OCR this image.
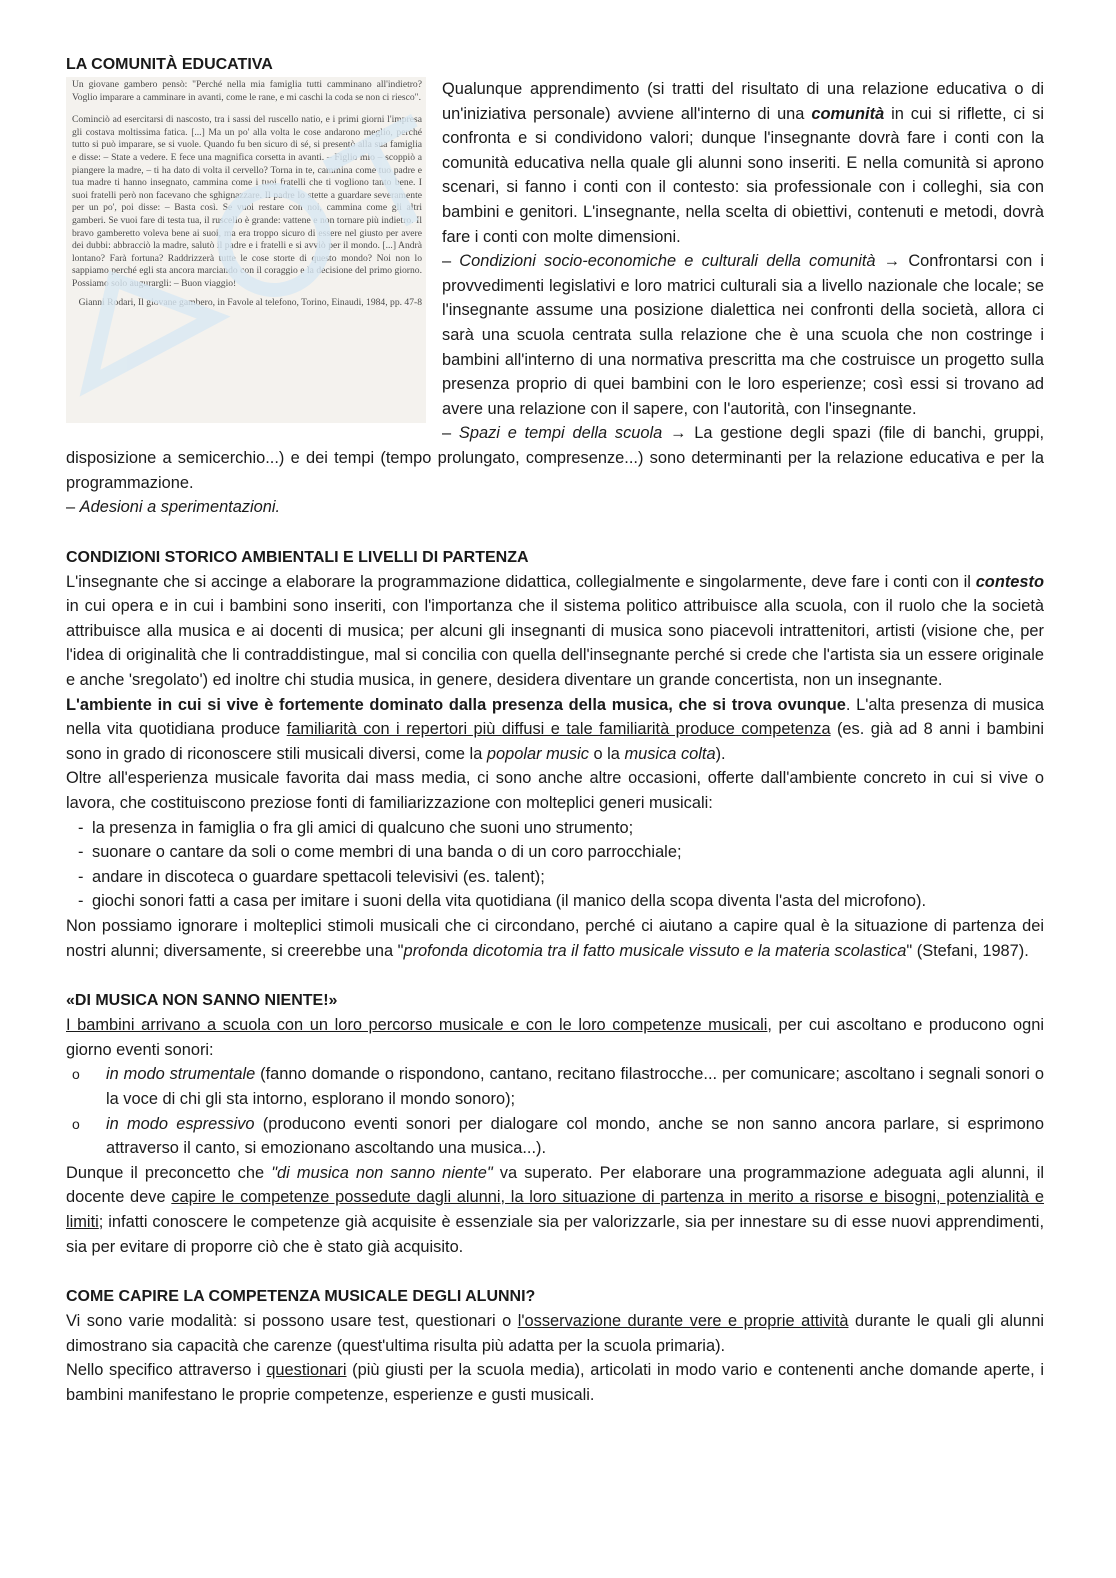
LA COMUNITÀ EDUCATIVA

Un giovane gambero pensò: "Perché nella mia famiglia tutti camminano all'indietro? Voglio imparare a camminare in avanti, come le rane, e mi caschi la coda se non ci riesco".

Cominciò ad esercitarsi di nascosto, tra i sassi del ruscello natio, e i primi giorni l'impresa gli costava moltissima fatica. [...] Ma un po' alla volta le cose andarono meglio, perché tutto si può imparare, se si vuole. Quando fu ben sicuro di sé, si presentò alla sua famiglia e disse: – State a vedere. E fece una magnifica corsetta in avanti. – Figlio mio – scoppiò a piangere la madre, – ti ha dato di volta il cervello? Torna in te, cammina come tuo padre e tua madre ti hanno insegnato, cammina come i tuoi fratelli che ti vogliono tanto bene. I suoi fratelli però non facevano che sghignazzare. Il padre lo stette a guardare severamente per un po', poi disse: – Basta così. Se vuoi restare con noi, cammina come gli altri gamberi. Se vuoi fare di testa tua, il ruscello è grande: vattene e non tornare più indietro. Il bravo gamberetto voleva bene ai suoi, ma era troppo sicuro di essere nel giusto per avere dei dubbi: abbracciò la madre, salutò il padre e i fratelli e si avviò per il mondo. [...] Andrà lontano? Farà fortuna? Raddrizzerà tutte le cose storte di questo mondo? Noi non lo sappiamo perché egli sta ancora marciando con il coraggio e la decisione del primo giorno. Possiamo solo augurargli: – Buon viaggio!

Gianni Rodari, Il giovane gambero, in Favole al telefono, Torino, Einaudi, 1984, pp. 47-8

Qualunque apprendimento (si tratti del risultato di una relazione educativa o di un'iniziativa personale) avviene all'interno di una comunità in cui si riflette, ci si confronta e si condividono valori; dunque l'insegnante dovrà fare i conti con la comunità educativa nella quale gli alunni sono inseriti. E nella comunità si aprono scenari, si fanno i conti con il contesto: sia professionale con i colleghi, sia con bambini e genitori. L'insegnante, nella scelta di obiettivi, contenuti e metodi, dovrà fare i conti con molte dimensioni.

– Condizioni socio-economiche e culturali della comunità → Confrontarsi con i provvedimenti legislativi e loro matrici culturali sia a livello nazionale che locale; se l'insegnante assume una posizione dialettica nei confronti della società, allora ci sarà una scuola centrata sulla relazione che è una scuola che non costringe i bambini all'interno di una normativa prescritta ma che costruisce un progetto sulla presenza proprio di quei bambini con le loro esperienze; così essi si trovano ad avere una relazione con il sapere, con l'autorità, con l'insegnante.

– Spazi e tempi della scuola → La gestione degli spazi (file di banchi, gruppi, disposizione a semicerchio...) e dei tempi (tempo prolungato, compresenze...) sono determinanti per la relazione educativa e per la programmazione.

– Adesioni a sperimentazioni.

CONDIZIONI STORICO AMBIENTALI E LIVELLI DI PARTENZA

L'insegnante che si accinge a elaborare la programmazione didattica, collegialmente e singolarmente, deve fare i conti con il contesto in cui opera e in cui i bambini sono inseriti, con l'importanza che il sistema politico attribuisce alla scuola, con il ruolo che la società attribuisce alla musica e ai docenti di musica; per alcuni gli insegnanti di musica sono piacevoli intrattenitori, artisti (visione che, per l'idea di originalità che li contraddistingue, mal si concilia con quella dell'insegnante perché si crede che l'artista sia un essere originale e anche 'sregolato') ed inoltre chi studia musica, in genere, desidera diventare un grande concertista, non un insegnante.

L'ambiente in cui si vive è fortemente dominato dalla presenza della musica, che si trova ovunque. L'alta presenza di musica nella vita quotidiana produce familiarità con i repertori più diffusi e tale familiarità produce competenza (es. già ad 8 anni i bambini sono in grado di riconoscere stili musicali diversi, come la popolar music o la musica colta).

Oltre all'esperienza musicale favorita dai mass media, ci sono anche altre occasioni, offerte dall'ambiente concreto in cui si vive o lavora, che costituiscono preziose fonti di familiarizzazione con molteplici generi musicali:

- la presenza in famiglia o fra gli amici di qualcuno che suoni uno strumento;
- suonare o cantare da soli o come membri di una banda o di un coro parrocchiale;
- andare in discoteca o guardare spettacoli televisivi (es. talent);
- giochi sonori fatti a casa per imitare i suoni della vita quotidiana (il manico della scopa diventa l'asta del microfono).

Non possiamo ignorare i molteplici stimoli musicali che ci circondano, perché ci aiutano a capire qual è la situazione di partenza dei nostri alunni; diversamente, si creerebbe una "profonda dicotomia tra il fatto musicale vissuto e la materia scolastica" (Stefani, 1987).

«DI MUSICA NON SANNO NIENTE!»

I bambini arrivano a scuola con un loro percorso musicale e con le loro competenze musicali, per cui ascoltano e producono ogni giorno eventi sonori:

o in modo strumentale (fanno domande o rispondono, cantano, recitano filastrocche... per comunicare; ascoltano i segnali sonori o la voce di chi gli sta intorno, esplorano il mondo sonoro);
o in modo espressivo (producono eventi sonori per dialogare col mondo, anche se non sanno ancora parlare, si esprimono attraverso il canto, si emozionano ascoltando una musica...).

Dunque il preconcetto che "di musica non sanno niente" va superato. Per elaborare una programmazione adeguata agli alunni, il docente deve capire le competenze possedute dagli alunni, la loro situazione di partenza in merito a risorse e bisogni, potenzialità e limiti; infatti conoscere le competenze già acquisite è essenziale sia per valorizzarle, sia per innestare su di esse nuovi apprendimenti, sia per evitare di proporre ciò che è stato già acquisito.

COME CAPIRE LA COMPETENZA MUSICALE DEGLI ALUNNI?

Vi sono varie modalità: si possono usare test, questionari o l'osservazione durante vere e proprie attività durante le quali gli alunni dimostrano sia capacità che carenze (quest'ultima risulta più adatta per la scuola primaria).

Nello specifico attraverso i questionari (più giusti per la scuola media), articolati in modo vario e contenenti anche domande aperte, i bambini manifestano le proprie competenze, esperienze e gusti musicali.
